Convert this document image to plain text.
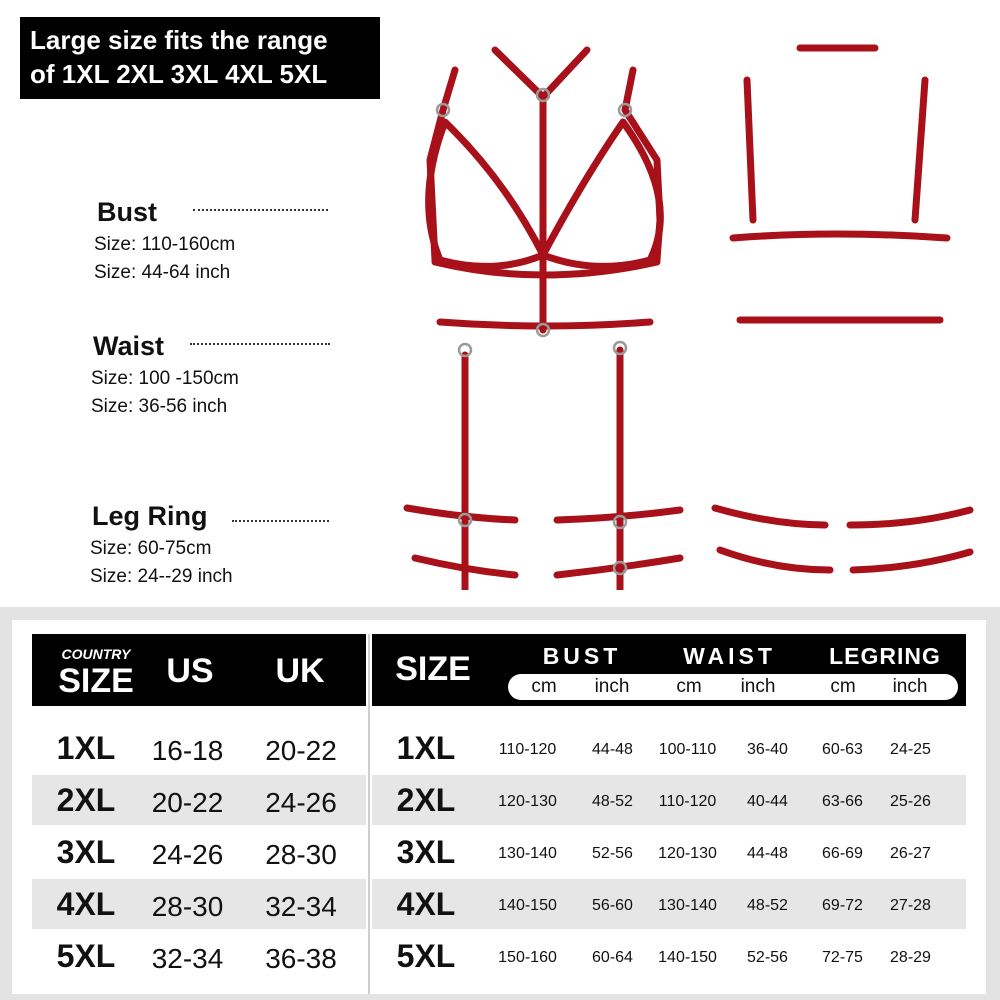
Large size fits the range
of 1XL 2XL 3XL 4XL 5XL
Bust
Size: 110-160cm
Size: 44-64 inch
Waist
Size: 100 -150cm
Size: 36-56 inch
Leg Ring
Size: 60-75cm
Size: 24--29 inch
COUNTRY
SIZE US	UK	SIZE	BUST	WAIST	LEGRING
cm	inch	cm	inch	cm	inch
1XL	16-18	20-22
2XL	20-22	24-26
3XL	24-26	28-30
4XL	28-30	32-34
5XL	32-34	36-38
1XL	110-120	44-48	100-110	36-40	60-63	24-25
2XL	120-130	48-52	110-120	40-44	63-66	25-26
3XL	130-140	52-56	120-130	44-48	66-69	26-27
4XL	140-150	56-60	130-140	48-52	69-72	27-28
5XL	150-160	60-64	140-150	52-56	72-75	28-29
